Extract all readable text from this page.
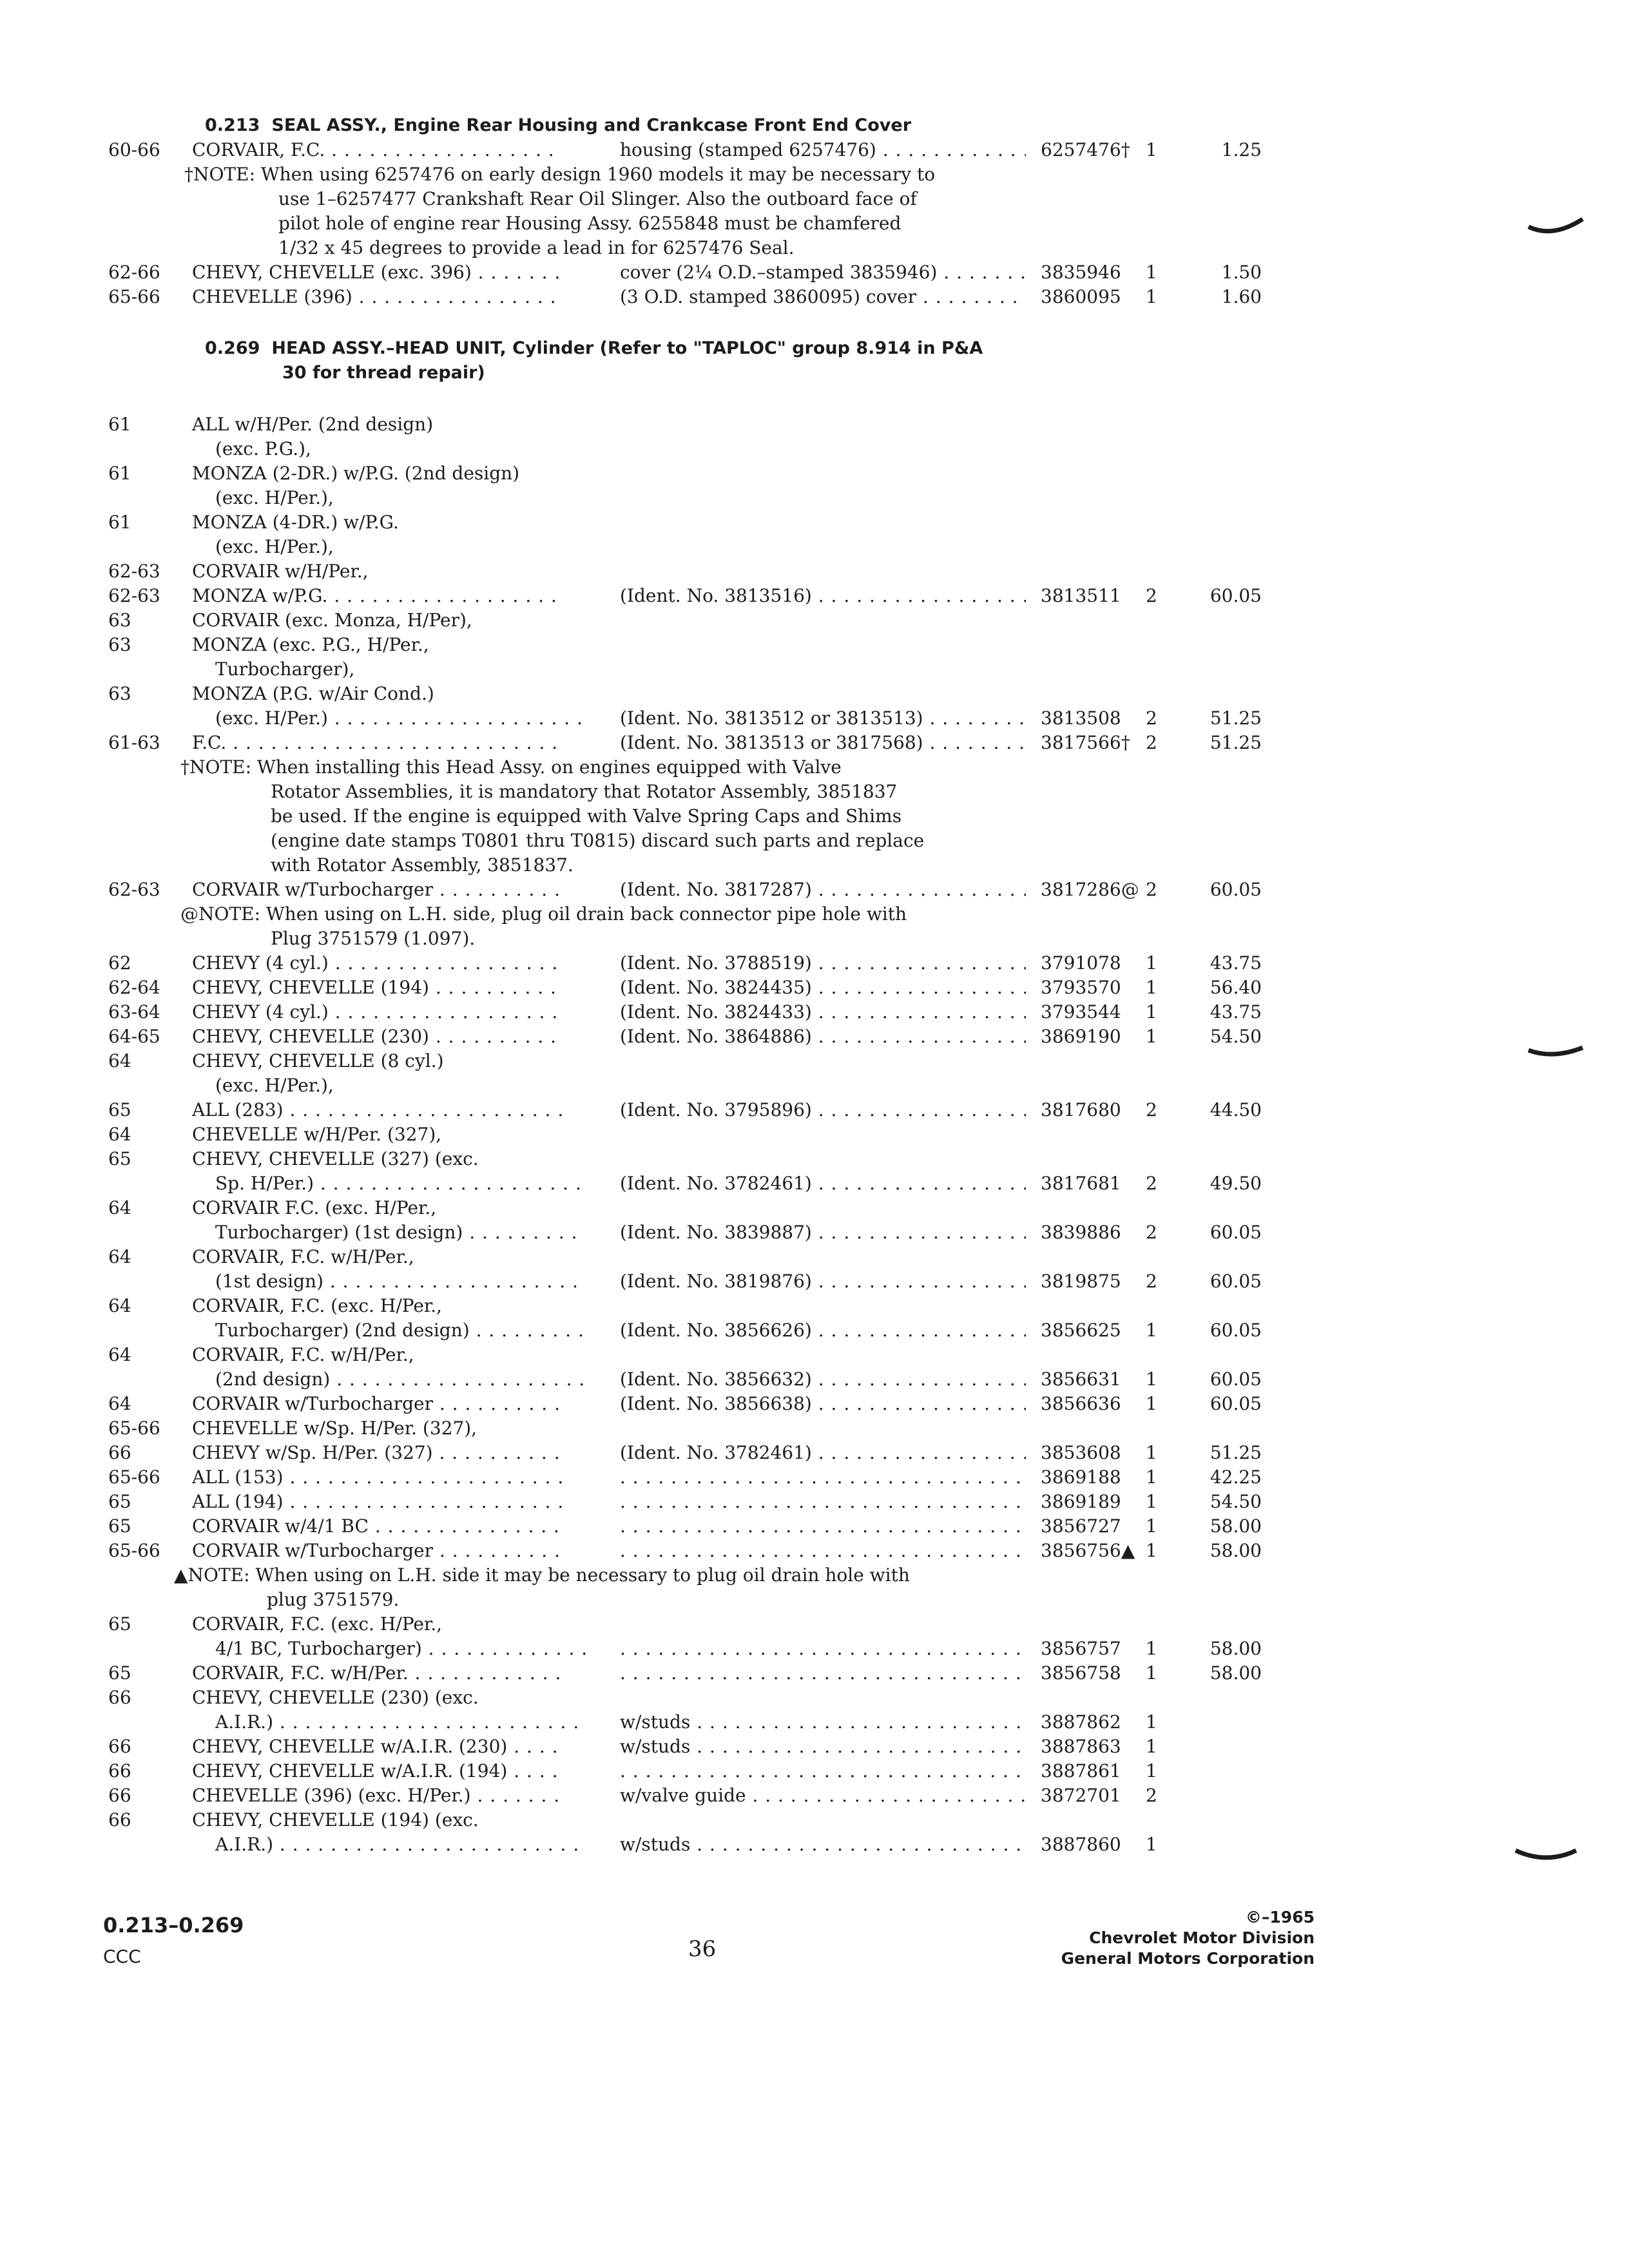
0.213 SEAL ASSY., Engine Rear Housing and Crankcase Front End Cover
60-66 CORVAIR, F.C. . . .	housing (stamped 6257476) . . .	6257476† 1	1.25
†NOTE: When using 6257476 on early design 1960 models it may be necessary to
use 1–6257477 Crankshaft Rear Oil Slinger. Also the outboard face of
pilot hole of engine rear Housing Assy. 6255848 must be chamfered
1/32 x 45 degrees to provide a lead in for 6257476 Seal.
62-66 CHEVY, CHEVELLE (exc. 396) . . .	cover (2¼ O.D.–stamped 3835946) . . .	3835946 1	1.50
65-66 CHEVELLE (396) . . .	(3 O.D. stamped 3860095) cover . . .	3860095 1	1.60
0.269 HEAD ASSY.–HEAD UNIT, Cylinder (Refer to "TAPLOC" group 8.914 in P&A
30 for thread repair)
61	ALL w/H/Per. (2nd design)
(exc. P.G.),
61	MONZA (2-DR.) w/P.G. (2nd design)
(exc. H/Per.),
61	MONZA (4-DR.) w/P.G.
(exc. H/Per.),
62-63 CORVAIR w/H/Per.,
62-63 MONZA w/P.G. . . .	(Ident. No. 3813516) . . .	3813511 2	60.05
63	CORVAIR (exc. Monza, H/Per),
63	MONZA (exc. P.G., H/Per.,
Turbocharger),
63	MONZA (P.G. w/Air Cond.)
(exc. H/Per.) . . .	(Ident. No. 3813512 or 3813513) . . .	3813508 2	51.25
61-63 F.C. . . .	(Ident. No. 3813513 or 3817568) . . .	3817566† 2	51.25
†NOTE: When installing this Head Assy. on engines equipped with Valve
Rotator Assemblies, it is mandatory that Rotator Assembly, 3851837
be used. If the engine is equipped with Valve Spring Caps and Shims
(engine date stamps T0801 thru T0815) discard such parts and replace
with Rotator Assembly, 3851837.
62-63 CORVAIR w/Turbocharger . . .	(Ident. No. 3817287) . . .	3817286@ 2	60.05
@NOTE: When using on L.H. side, plug oil drain back connector pipe hole with
Plug 3751579 (1.097).
62	CHEVY (4 cyl.) . . .	(Ident. No. 3788519) . . .	3791078 1	43.75
62-64 CHEVY, CHEVELLE (194) . . .	(Ident. No. 3824435) . . .	3793570 1	56.40
63-64 CHEVY (4 cyl.) . . .	(Ident. No. 3824433) . . .	3793544 1	43.75
64-65 CHEVY, CHEVELLE (230) . . .	(Ident. No. 3864886) . . .	3869190 1	54.50
64	CHEVY, CHEVELLE (8 cyl.)
(exc. H/Per.),
65	ALL (283) . . .	(Ident. No. 3795896) . . .	3817680 2	44.50
64	CHEVELLE w/H/Per. (327),
65	CHEVY, CHEVELLE (327) (exc.
Sp. H/Per.) . . .	(Ident. No. 3782461) . . .	3817681 2	49.50
64	CORVAIR F.C. (exc. H/Per.,
Turbocharger) (1st design) . . .	(Ident. No. 3839887) . . .	3839886 2	60.05
64	CORVAIR, F.C. w/H/Per.,
(1st design) . . .	(Ident. No. 3819876) . . .	3819875 2	60.05
64	CORVAIR, F.C. (exc. H/Per.,
Turbocharger) (2nd design) . . .	(Ident. No. 3856626) . . .	3856625 1	60.05
64	CORVAIR, F.C. w/H/Per.,
(2nd design) . . .	(Ident. No. 3856632) . . .	3856631 1	60.05
64	CORVAIR w/Turbocharger . . .	(Ident. No. 3856638) . . .	3856636 1	60.05
65-66 CHEVELLE w/Sp. H/Per. (327),
66	CHEVY w/Sp. H/Per. (327) . . .	(Ident. No. 3782461) . . .	3853608 1	51.25
65-66 ALL (153) . . . . . .	3869188 1	42.25
65	ALL (194) . . . . . .	3869189 1	54.50
65	CORVAIR w/4/1 BC . . . . . .	3856727 1	58.00
65-66 CORVAIR w/Turbocharger . . . . . .	3856756▲ 1	58.00
▲NOTE: When using on L.H. side it may be necessary to plug oil drain hole with
plug 3751579.
65	CORVAIR, F.C. (exc. H/Per.,
4/1 BC, Turbocharger) . . . . . .	3856757 1	58.00
65	CORVAIR, F.C. w/H/Per. . . . . . .	3856758 1	58.00
66	CHEVY, CHEVELLE (230) (exc.
A.I.R.) . . .	w/studs . . .	3887862 1
66	CHEVY, CHEVELLE w/A.I.R. (230) . . .	w/studs . . .	3887863 1
66	CHEVY, CHEVELLE w/A.I.R. (194) . . . . . .	3887861 1
66	CHEVELLE (396) (exc. H/Per.) . . .	w/valve guide . . .	3872701 2
66	CHEVY, CHEVELLE (194) (exc.
A.I.R.) . . .	w/studs . . .	3887860 1
0.213–0.269
CCC	36
©–1965
Chevrolet Motor Division
General Motors Corporation
